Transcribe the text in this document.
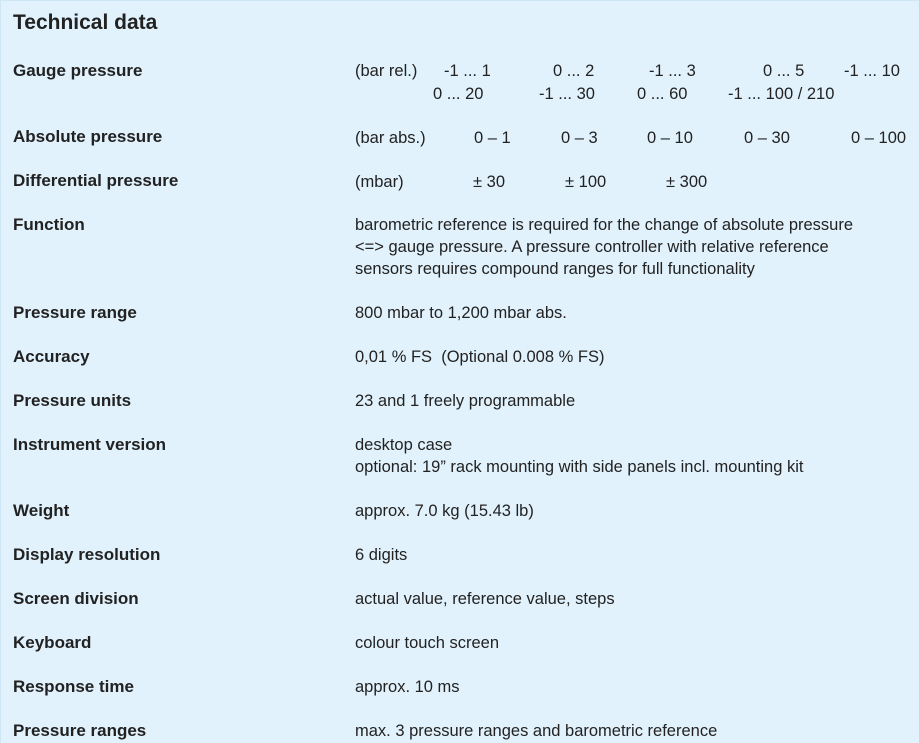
Technical data
Gauge pressure	(bar rel.) -1 ... 1	0 ... 2	-1 ... 3	0 ... 5 -1 ... 10
0 ... 20	-1 ... 30	0 ... 60 -1 ... 100 / 210
Absolute pressure	(bar abs.)	0 – 1	0 – 3	0 – 10	0 – 30	0 – 100
Differential pressure	(mbar)	± 30	± 100	± 300
Function	barometric reference is required for the change of absolute pressure
<=> gauge pressure. A pressure controller with relative reference
sensors requires compound ranges for full functionality
Pressure range	800 mbar to 1,200 mbar abs.
Accuracy	0,01 % FS  (Optional 0.008 % FS)
Pressure units	23 and 1 freely programmable
Instrument version	desktop case
optional: 19” rack mounting with side panels incl. mounting kit
Weight	approx. 7.0 kg (15.43 lb)
Display resolution	6 digits
Screen division	actual value, reference value, steps
Keyboard	colour touch screen
Response time	approx. 10 ms
Pressure ranges	max. 3 pressure ranges and barometric reference
